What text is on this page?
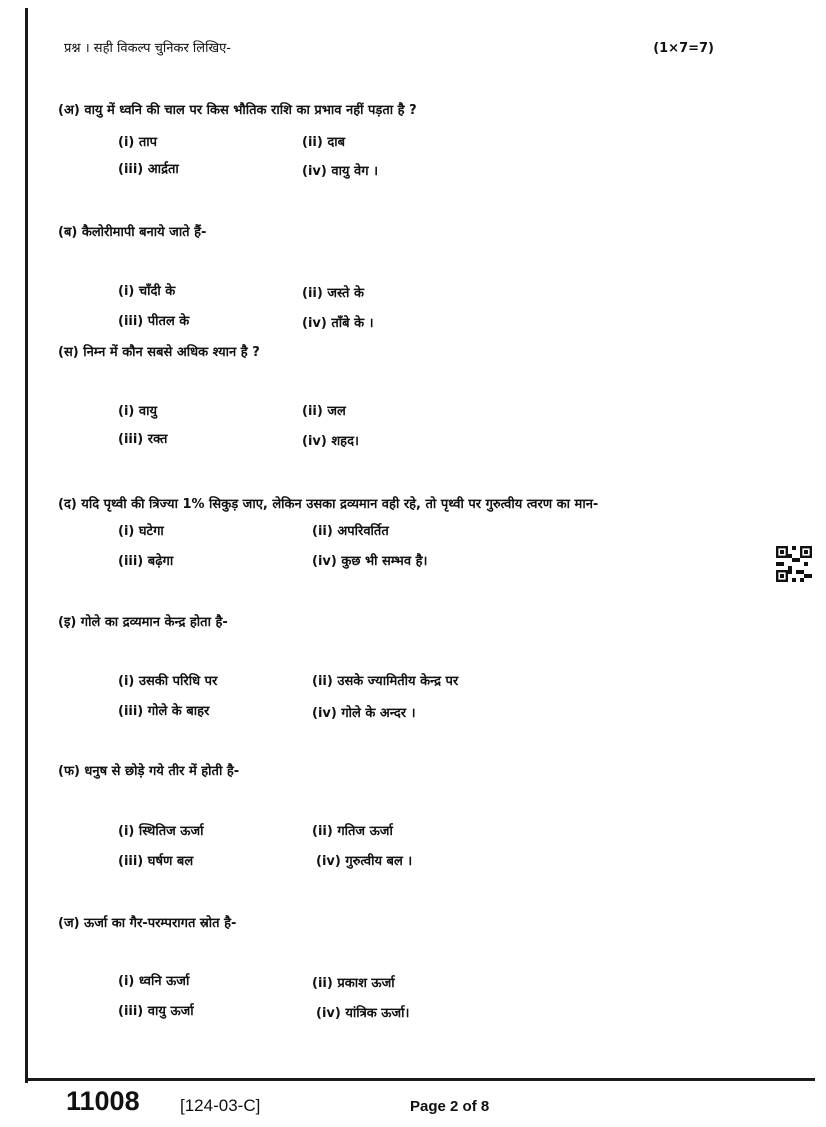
प्रश्न । सही विकल्प चुनिकर लिखिए-	(1×7=7)
(अ) वायु में ध्वनि की चाल पर किस भौतिक राशि का प्रभाव नहीं पड़ता है ?
(i) ताप	(ii) दाब
(iii) आर्द्रता	(iv) वायु वेग ।
(ब) कैलोरीमापी बनाये जाते हैं-
(i) चाँदी के	(ii) जस्ते के
(iii) पीतल के	(iv) ताँबे के ।
(स) निम्न में कौन सबसे अधिक श्यान है ?
(i) वायु	(ii) जल
(iii) रक्त	(iv) शहद।
(द) यदि पृथ्वी की त्रिज्या 1% सिकुड़ जाए, लेकिन उसका द्रव्यमान वही रहे, तो पृथ्वी पर गुरुत्वीय त्वरण का मान-
(i) घटेगा	(ii) अपरिवर्तित
(iii) बढ़ेगा	(iv) कुछ भी सम्भव है।
(इ) गोले का द्रव्यमान केन्द्र होता है-
(i) उसकी परिधि पर	(ii) उसके ज्यामितीय केन्द्र पर
(iii) गोले के बाहर	(iv) गोले के अन्दर ।
(फ) धनुष से छोड़े गये तीर में होती है-
(i) स्थितिज ऊर्जा	(ii) गतिज ऊर्जा
(iii) घर्षण बल	(iv) गुरुत्वीय बल ।
(ज) ऊर्जा का गैर-परम्परागत स्रोत है-
(i) ध्वनि ऊर्जा	(ii) प्रकाश ऊर्जा
(iii) वायु ऊर्जा	(iv) यांत्रिक ऊर्जा।
11008 [124-03-C]	Page 2 of 8
